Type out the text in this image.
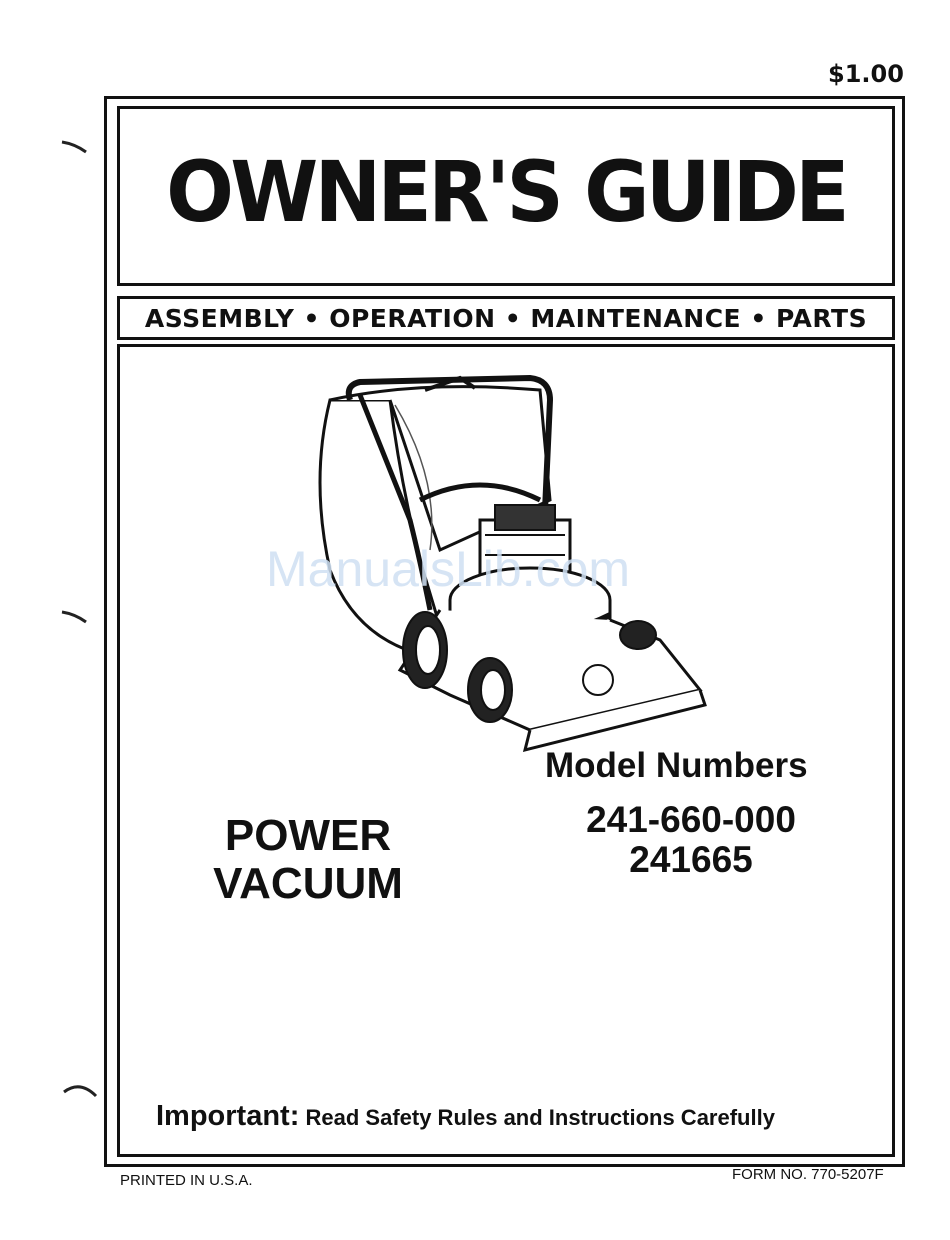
$1.00
OWNER'S GUIDE
ASSEMBLY • OPERATION • MAINTENANCE • PARTS
ManualsLib.com
Model Numbers
241-660-000
241665
POWER
VACUUM
Important: Read Safety Rules and Instructions Carefully
PRINTED IN U.S.A.	FORM NO. 770-5207F
